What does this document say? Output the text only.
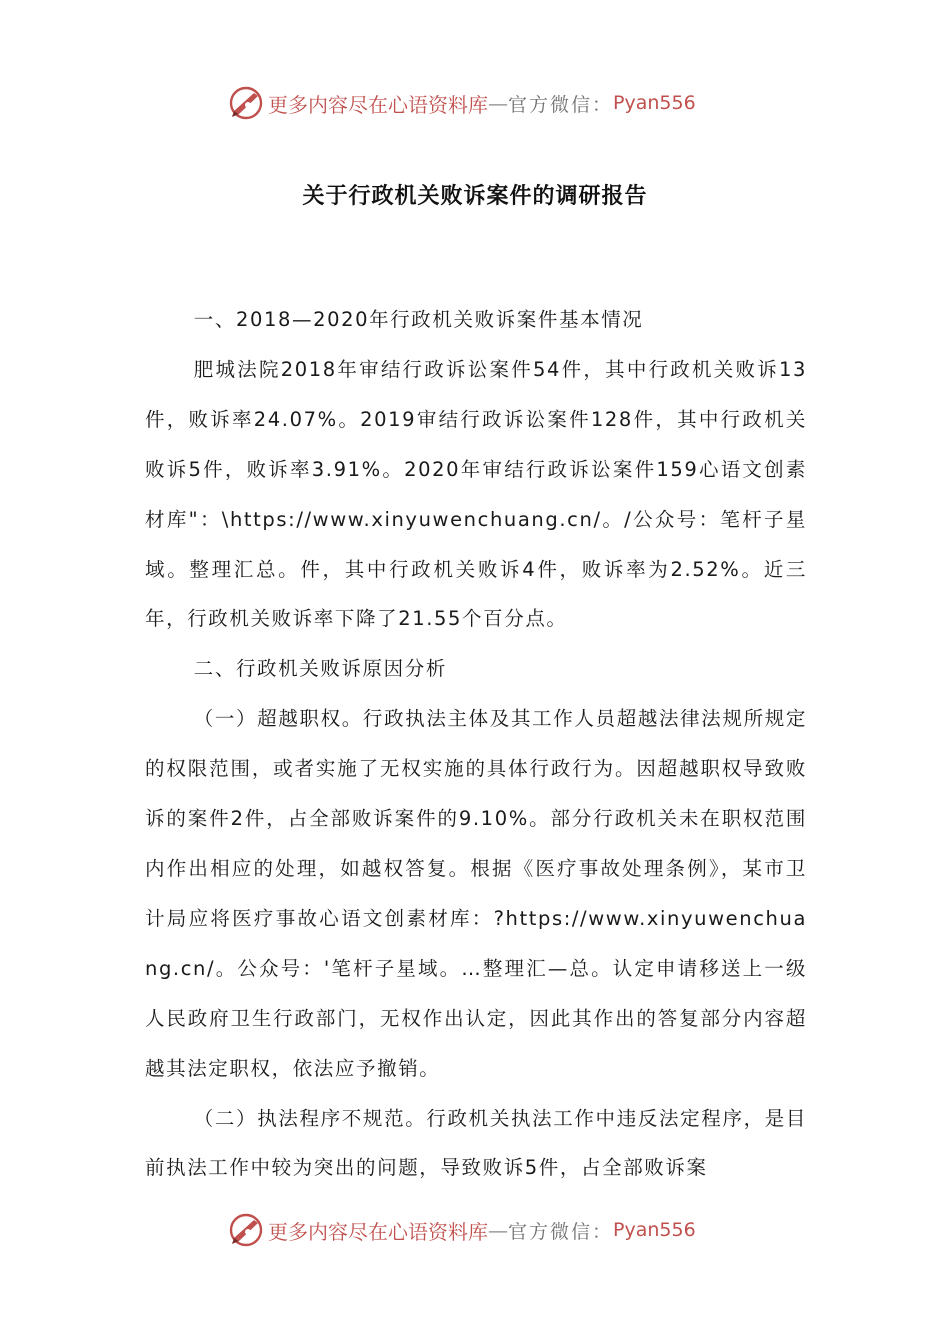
更多内容尽在心语资料库 — 官方微信： Pyan556
关于行政机关败诉案件的调研报告

一、2018—2020年行政机关败诉案件基本情况

肥城法院2018年审结行政诉讼案件54件，其中行政机关败诉13件，败诉率24.07%。2019审结行政诉讼案件128件，其中行政机关败诉5件，败诉率3.91%。2020年审结行政诉讼案件159心语文创素材库"：\https://www.xinyuwenchuang.cn/。/公众号：笔杆子星域。整理汇总。件，其中行政机关败诉4件，败诉率为2.52%。近三年，行政机关败诉率下降了21.55个百分点。

二、行政机关败诉原因分析

（一）超越职权。行政执法主体及其工作人员超越法律法规所规定的权限范围，或者实施了无权实施的具体行政行为。因超越职权导致败诉的案件2件，占全部败诉案件的9.10%。部分行政机关未在职权范围内作出相应的处理，如越权答复。根据《医疗事故处理条例》，某市卫计局应将医疗事故心语文创素材库：?https://www.xinyuwenchuang.cn/。公众号：'笔杆子星域。…整理汇—总。认定申请移送上一级人民政府卫生行政部门，无权作出认定，因此其作出的答复部分内容超越其法定职权，依法应予撤销。

（二）执法程序不规范。行政机关执法工作中违反法定程序，是目前执法工作中较为突出的问题，导致败诉5件，占全部败诉案

更多内容尽在心语资料库 — 官方微信： Pyan556
